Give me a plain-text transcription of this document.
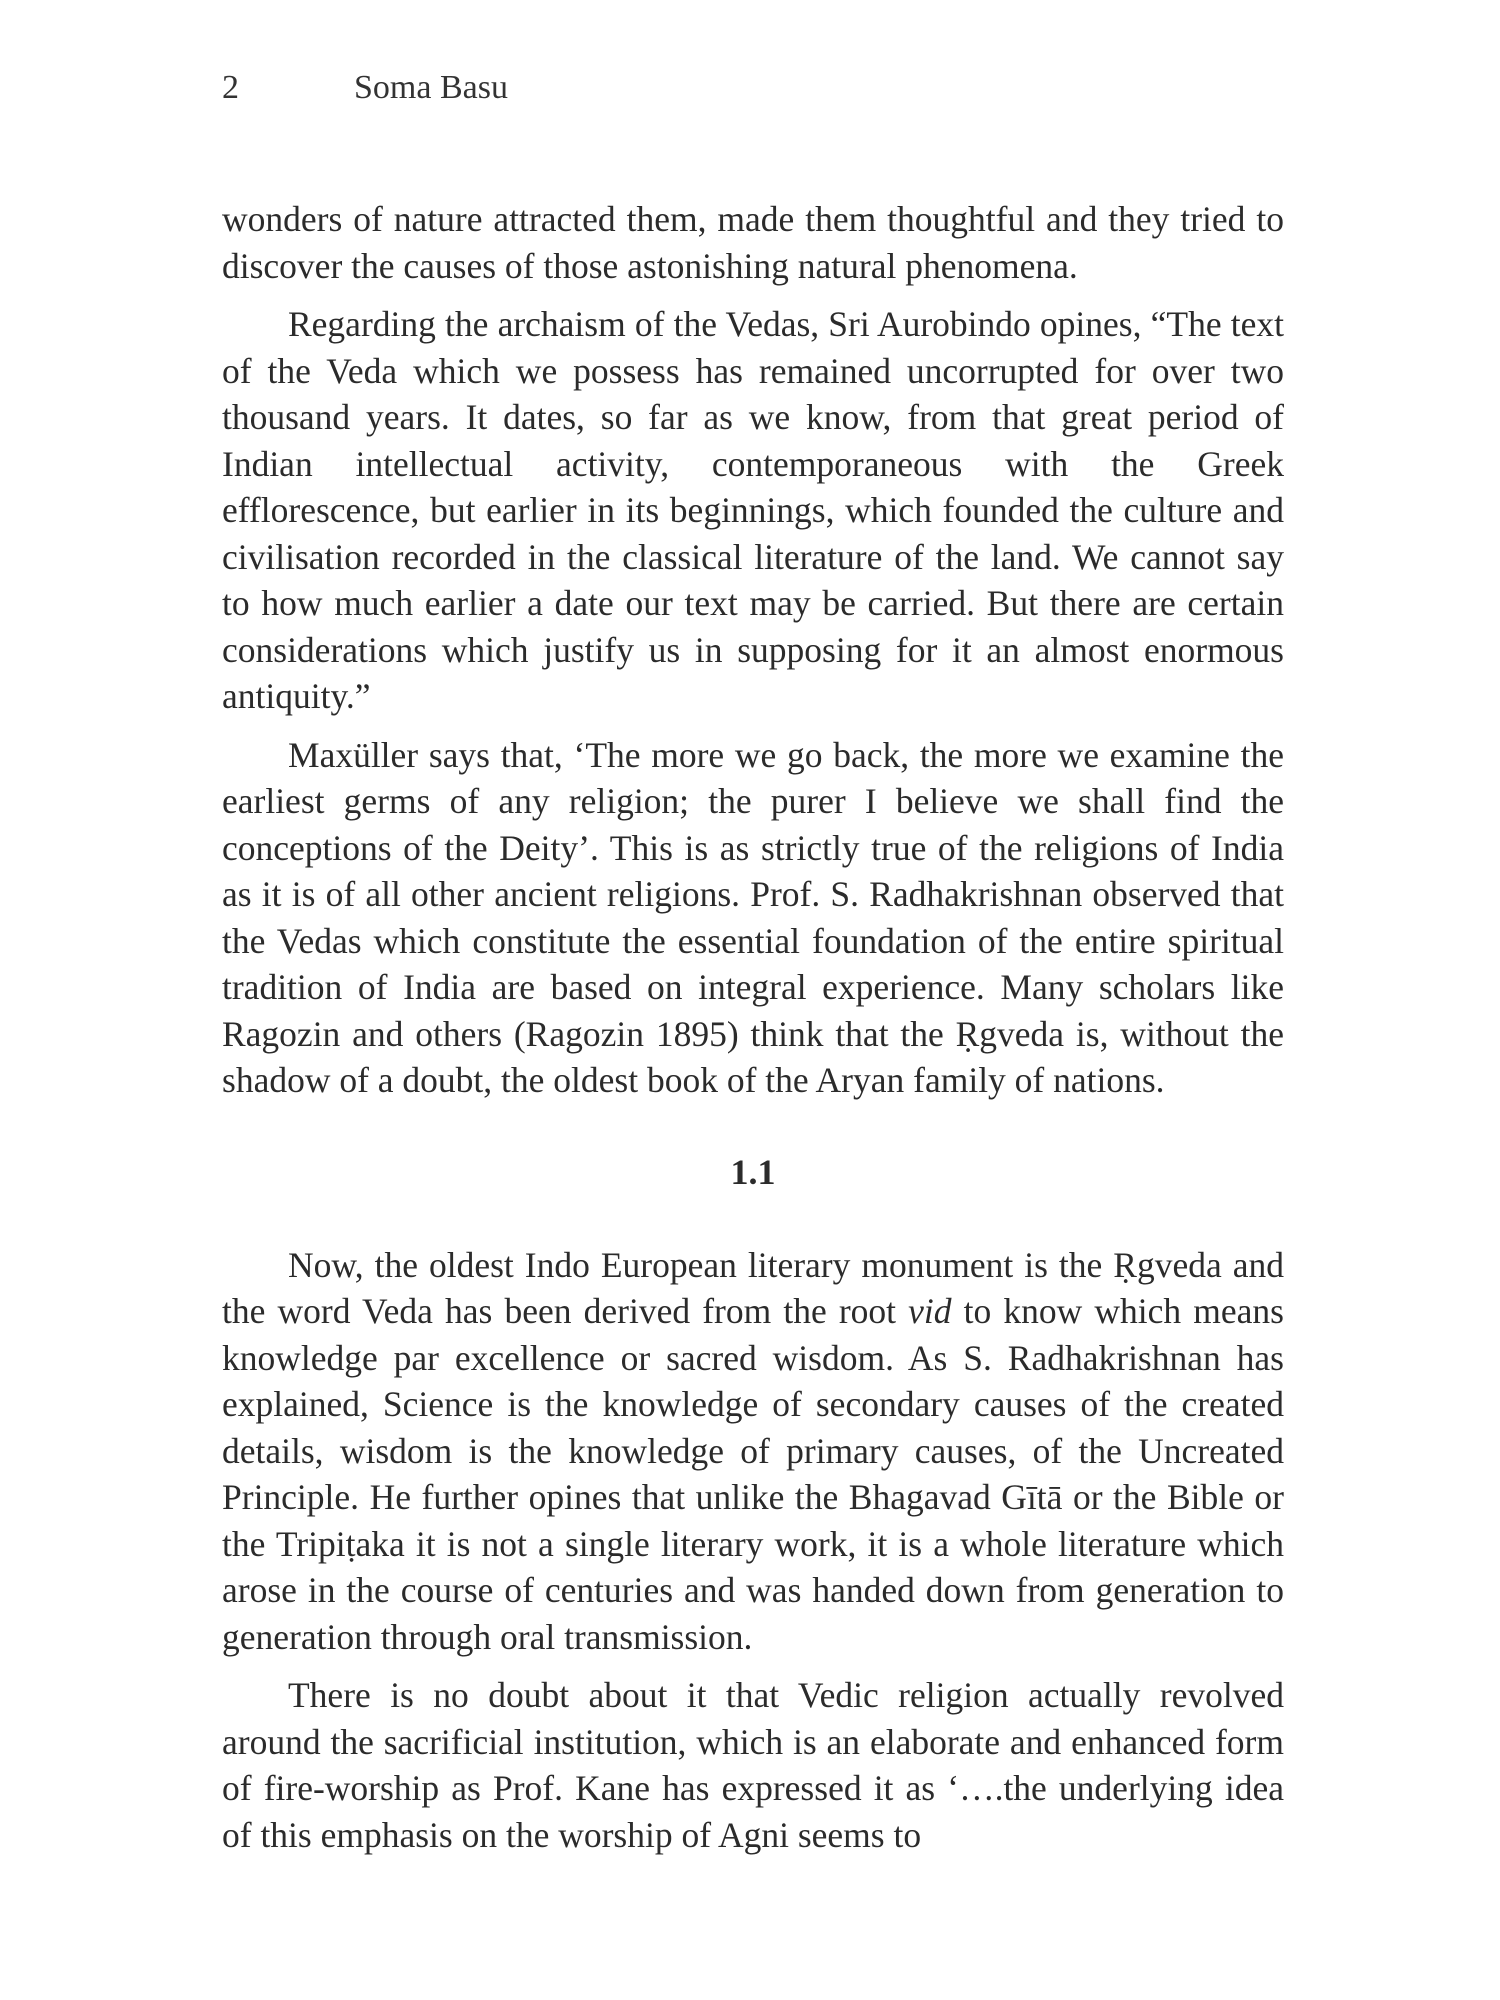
2	Soma Basu

wonders of nature attracted them, made them thoughtful and they tried to discover the causes of those astonishing natural phenomena.

Regarding the archaism of the Vedas, Sri Aurobindo opines, “The text of the Veda which we possess has remained uncorrupted for over two thousand years. It dates, so far as we know, from that great period of Indian intellectual activity, contemporaneous with the Greek efflorescence, but earlier in its beginnings, which founded the culture and civilisation recorded in the classical literature of the land. We cannot say to how much earlier a date our text may be carried. But there are certain considerations which justify us in supposing for it an almost enormous antiquity.”

Maxüller says that, ‘The more we go back, the more we examine the earliest germs of any religion; the purer I believe we shall find the conceptions of the Deity’. This is as strictly true of the religions of India as it is of all other ancient religions. Prof. S. Radhakrishnan observed that the Vedas which constitute the essential foundation of the entire spiritual tradition of India are based on integral experience. Many scholars like Ragozin and others (Ragozin 1895) think that the Ṛgveda is, without the shadow of a doubt, the oldest book of the Aryan family of nations.

1.1

Now, the oldest Indo European literary monument is the Ṛgveda and the word Veda has been derived from the root vid to know which means knowledge par excellence or sacred wisdom. As S. Radhakrishnan has explained, Science is the knowledge of secondary causes of the created details, wisdom is the knowledge of primary causes, of the Uncreated Principle. He further opines that unlike the Bhagavad Gītā or the Bible or the Tripiṭaka it is not a single literary work, it is a whole literature which arose in the course of centuries and was handed down from generation to generation through oral transmission.

There is no doubt about it that Vedic religion actually revolved around the sacrificial institution, which is an elaborate and enhanced form of fire-worship as Prof. Kane has expressed it as ‘….the underlying idea of this emphasis on the worship of Agni seems to
